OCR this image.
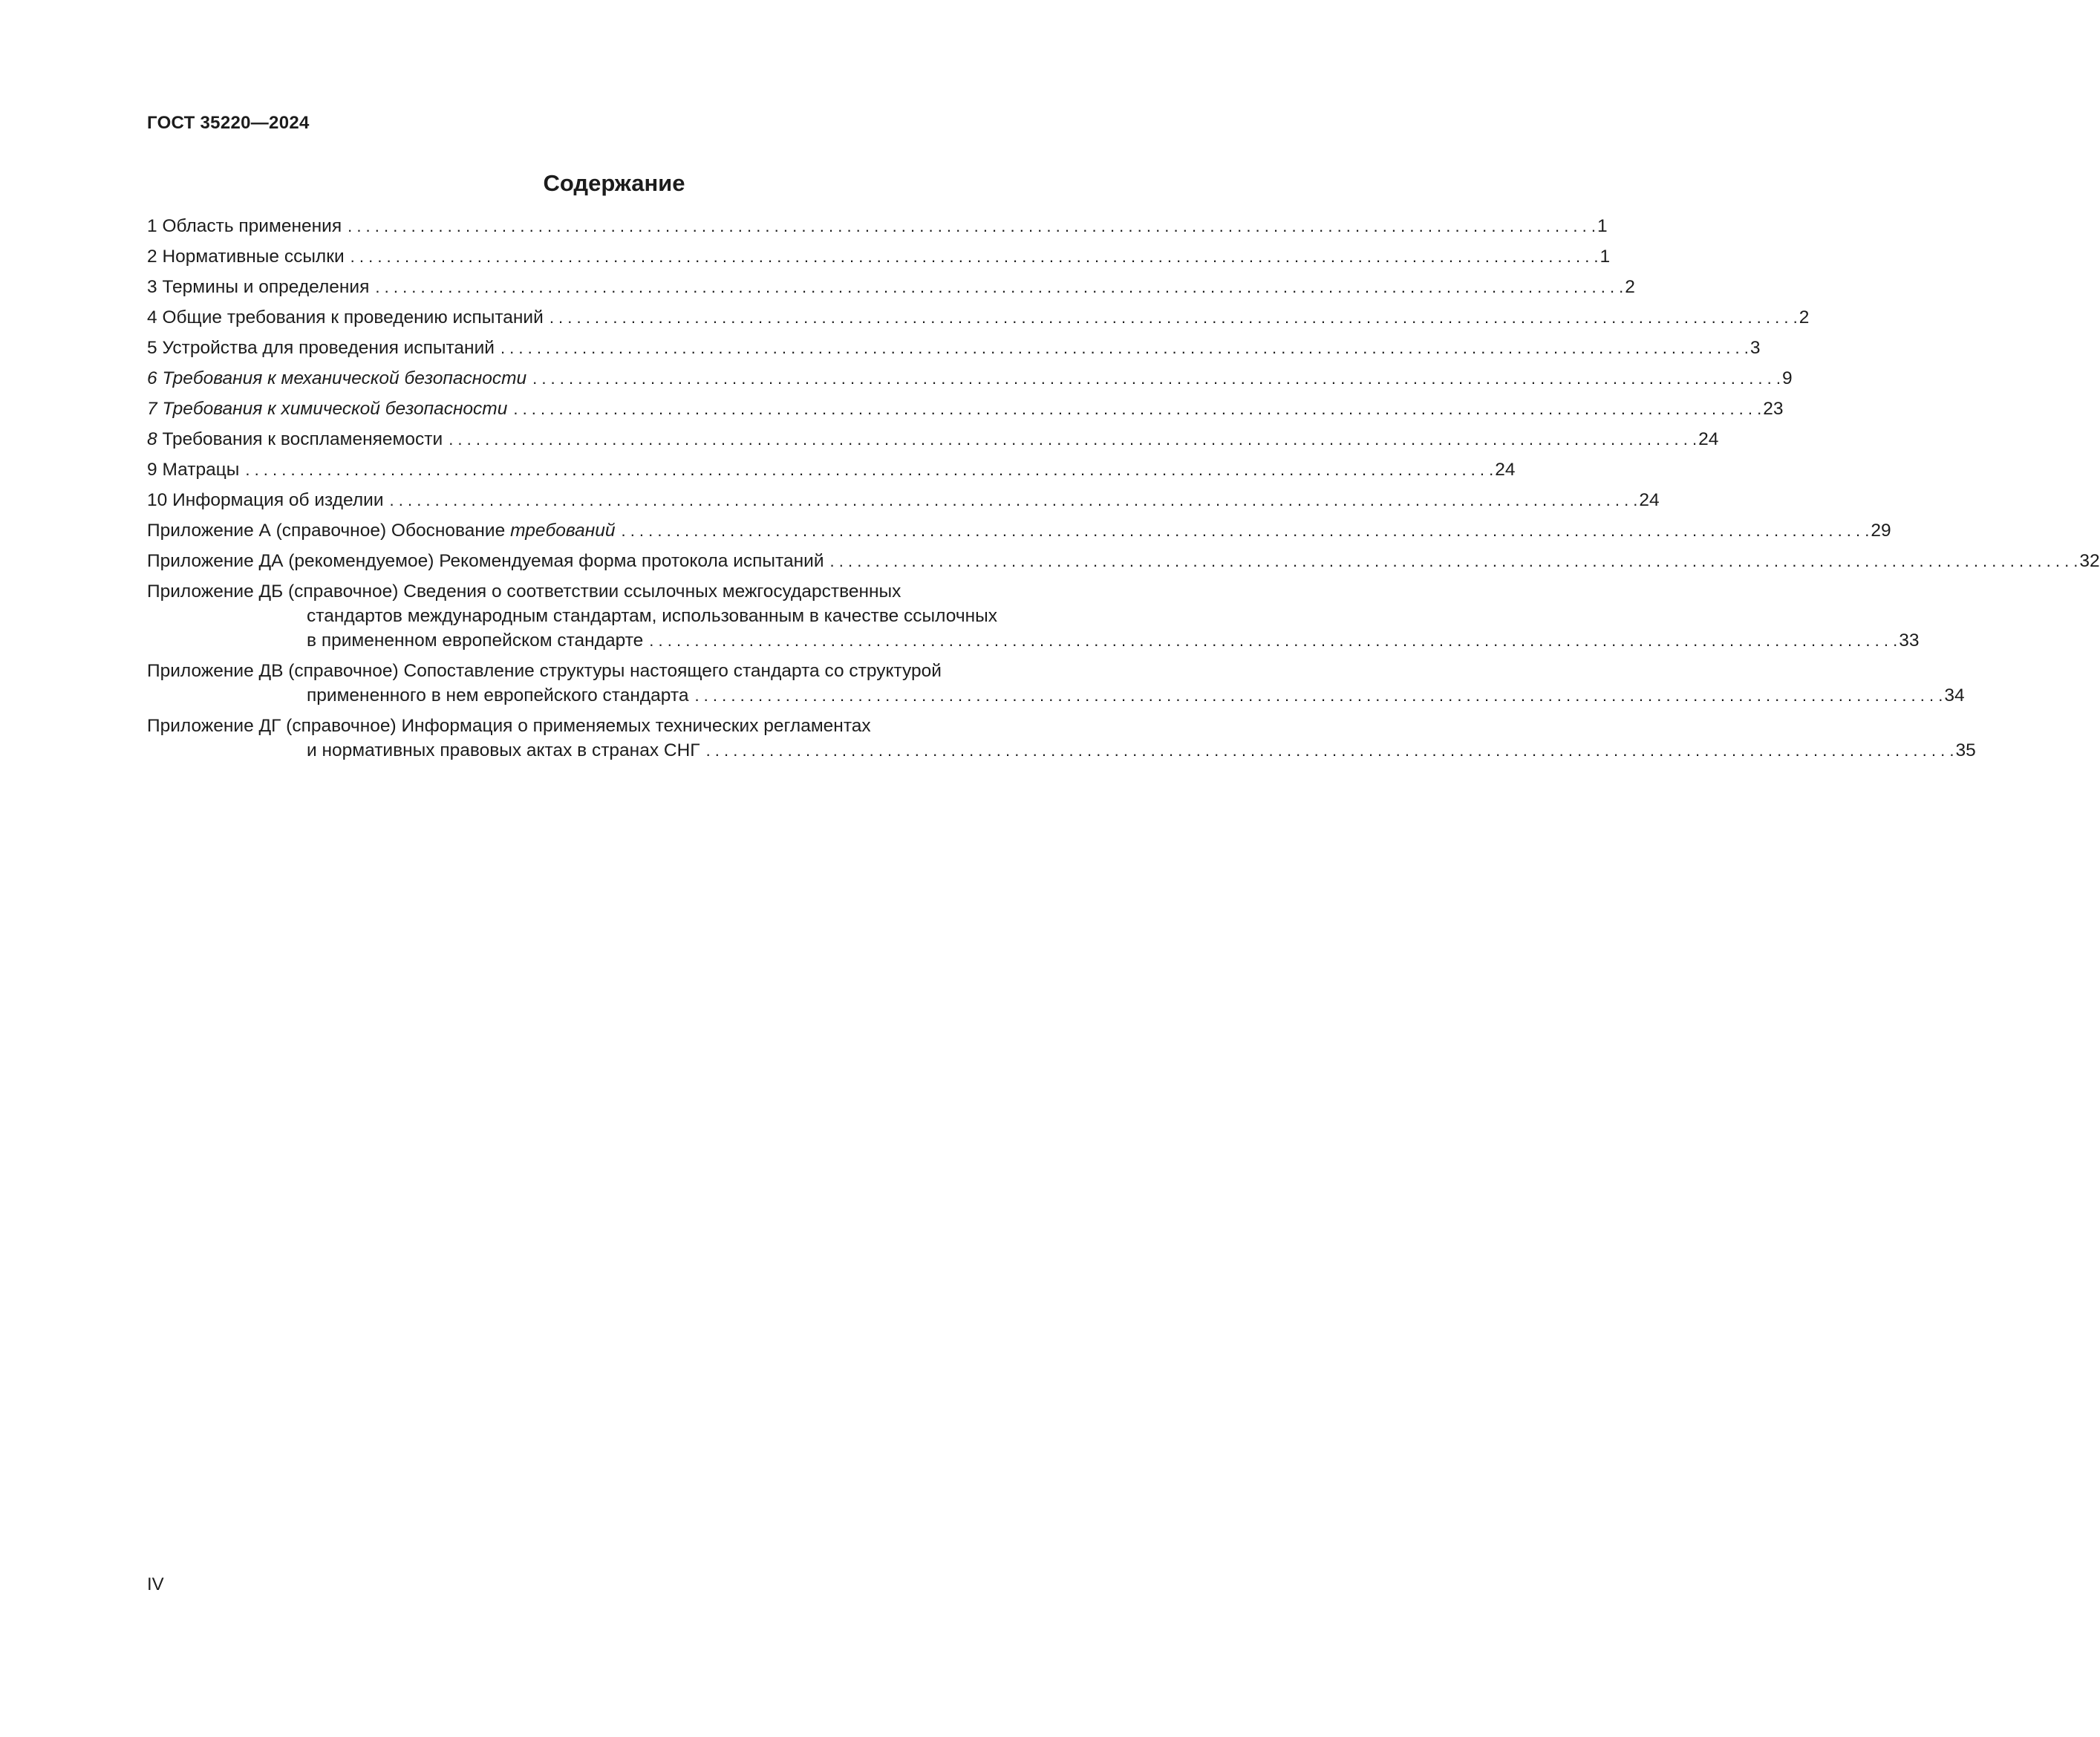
ГОСТ 35220—2024
Содержание
1 Область применения . . .	1
2 Нормативные ссылки . . .	1
3 Термины и определения . . .	2
4 Общие требования к проведению испытаний . . .	2
5 Устройства для проведения испытаний . . .	3
6 Требования к механической безопасности . . .	9
7 Требования к химической безопасности . . .	23
8 Требования к воспламеняемости . . .	24
9 Матрацы . . .	24
10 Информация об изделии . . .	24
Приложение А (справочное) Обоснование требований . . .	29
Приложение ДА (рекомендуемое) Рекомендуемая форма протокола испытаний . . .	32
Приложение ДБ (справочное) Сведения о соответствии ссылочных межгосударственных
стандартов международным стандартам, использованным в качестве ссылочных
в примененном европейском стандарте . . .	33
Приложение ДВ (справочное) Сопоставление структуры настоящего стандарта со структурой
примененного в нем европейского стандарта . . .	34
Приложение ДГ (справочное) Информация о применяемых технических регламентах
и нормативных правовых актах в странах СНГ . . .	35
IV
